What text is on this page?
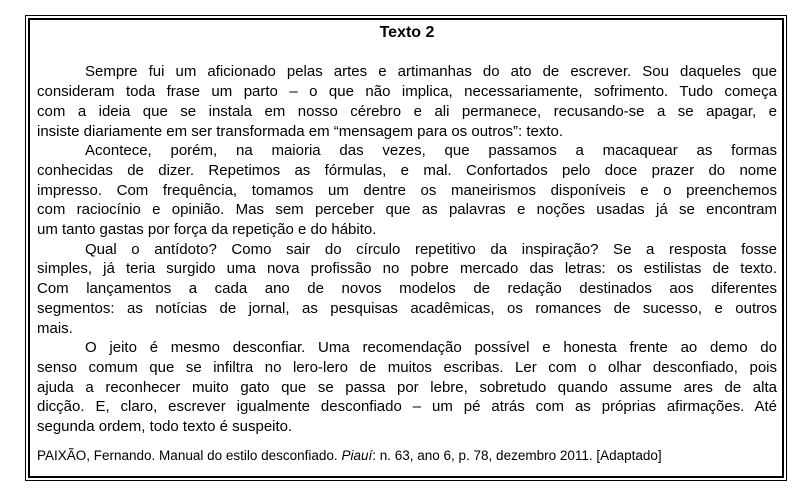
Texto 2
Sempre fui um aficionado pelas artes e artimanhas do ato de escrever. Sou daqueles que
consideram toda frase um parto – o que não implica, necessariamente, sofrimento. Tudo começa
com a ideia que se instala em nosso cérebro e ali permanece, recusando-se a se apagar, e
insiste diariamente em ser transformada em “mensagem para os outros”: texto.
Acontece, porém, na maioria das vezes, que passamos a macaquear as formas
conhecidas de dizer. Repetimos as fórmulas, e mal. Confortados pelo doce prazer do nome
impresso. Com frequência, tomamos um dentre os maneirismos disponíveis e o preenchemos
com raciocínio e opinião. Mas sem perceber que as palavras e noções usadas já se encontram
um tanto gastas por força da repetição e do hábito.
Qual o antídoto? Como sair do círculo repetitivo da inspiração? Se a resposta fosse
simples, já teria surgido uma nova profissão no pobre mercado das letras: os estilistas de texto.
Com lançamentos a cada ano de novos modelos de redação destinados aos diferentes
segmentos: as notícias de jornal, as pesquisas acadêmicas, os romances de sucesso, e outros
mais.
O jeito é mesmo desconfiar. Uma recomendação possível e honesta frente ao demo do
senso comum que se infiltra no lero-lero de muitos escribas. Ler com o olhar desconfiado, pois
ajuda a reconhecer muito gato que se passa por lebre, sobretudo quando assume ares de alta
dicção. E, claro, escrever igualmente desconfiado – um pé atrás com as próprias afirmações. Até
segunda ordem, todo texto é suspeito.

PAIXÃO, Fernando. Manual do estilo desconfiado. Piauí: n. 63, ano 6, p. 78, dezembro 2011. [Adaptado]
